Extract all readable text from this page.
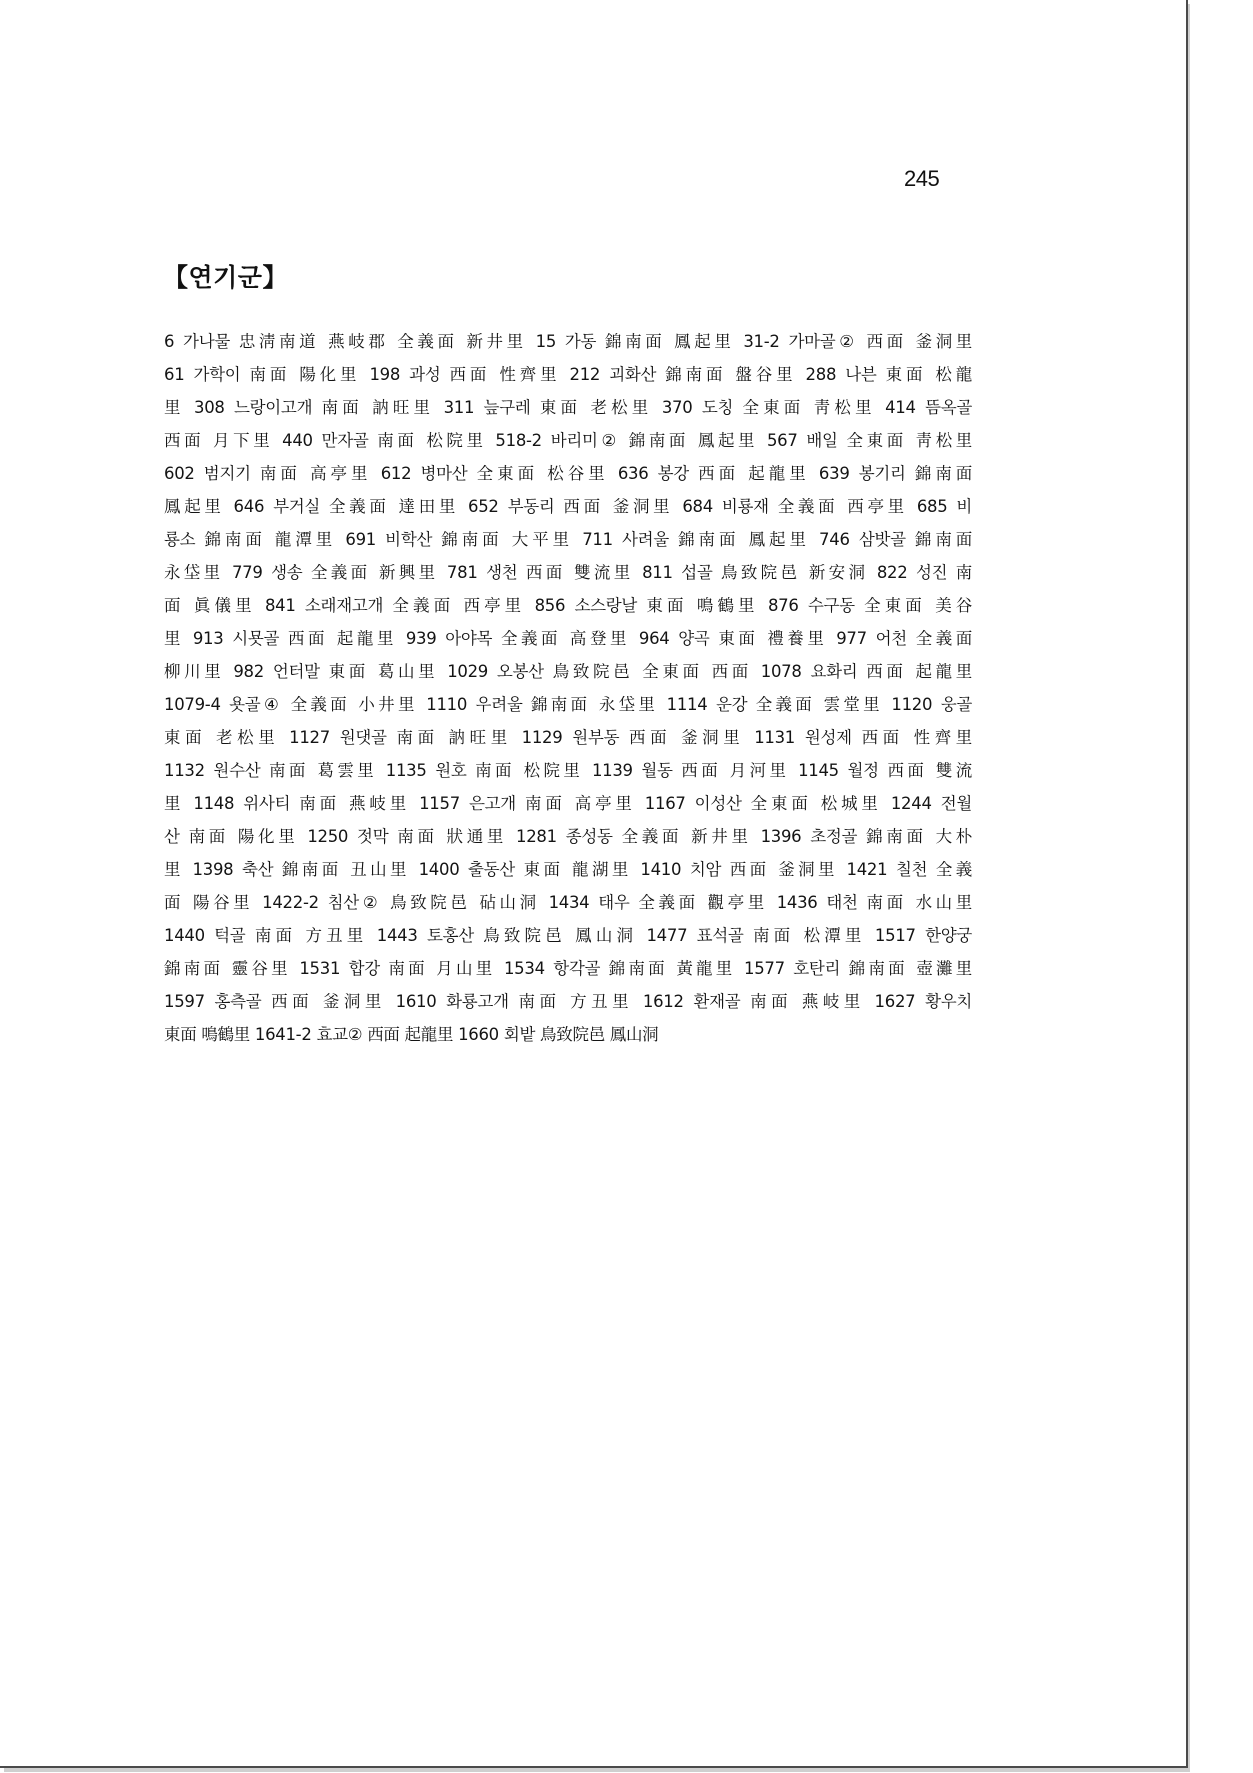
245
【연기군】
6 가나물 忠淸南道 燕岐郡 全義面 新井里 15 가동 錦南面 鳳起里 31-2 가마골② 西面 釜洞里
61 가학이 南面 陽化里 198 과성 西面 性齊里 212 괴화산 錦南面 盤谷里 288 나븐 東面 松龍
里 308 느랑이고개 南面 訥旺里 311 늪구레 東面 老松里 370 도칭 全東面 靑松里 414 뜸옥골
西面 月下里 440 만자골 南面 松院里 518-2 바리미② 錦南面 鳳起里 567 배일 全東面 靑松里
602 범지기 南面 高亭里 612 병마산 全東面 松谷里 636 봉강 西面 起龍里 639 봉기리 錦南面
鳳起里 646 부거실 全義面 達田里 652 부동리 西面 釜洞里 684 비룡재 全義面 西亭里 685 비
룡소 錦南面 龍潭里 691 비학산 錦南面 大平里 711 사려울 錦南面 鳳起里 746 삼밧골 錦南面
永垈里 779 생송 全義面 新興里 781 생천 西面 雙流里 811 섭골 鳥致院邑 新安洞 822 성진 南
面 眞儀里 841 소래재고개 全義面 西亭里 856 소스랑날 東面 鳴鶴里 876 수구동 全東面 美谷
里 913 시묫골 西面 起龍里 939 아야목 全義面 高登里 964 양곡 東面 禮養里 977 어천 全義面
柳川里 982 언터말 東面 葛山里 1029 오봉산 鳥致院邑 全東面 西面 1078 요화리 西面 起龍里
1079-4 욧골④ 全義面 小井里 1110 우려울 錦南面 永垈里 1114 운강 全義面 雲堂里 1120 웅골
東面 老松里 1127 원댓골 南面 訥旺里 1129 원부동 西面 釜洞里 1131 원성제 西面 性齊里
1132 원수산 南面 葛雲里 1135 원호 南面 松院里 1139 월동 西面 月河里 1145 월정 西面 雙流
里 1148 위사티 南面 燕岐里 1157 은고개 南面 高亭里 1167 이성산 全東面 松城里 1244 전월
산 南面 陽化里 1250 젓막 南面 狀通里 1281 종성동 全義面 新井里 1396 초정골 錦南面 大朴
里 1398 축산 錦南面 丑山里 1400 출동산 東面 龍湖里 1410 치암 西面 釜洞里 1421 칠천 全義
面 陽谷里 1422-2 침산② 鳥致院邑 砧山洞 1434 태우 全義面 觀亭里 1436 태천 南面 水山里
1440 턱골 南面 方丑里 1443 토홍산 鳥致院邑 鳳山洞 1477 표석골 南面 松潭里 1517 한양궁
錦南面 靈谷里 1531 합강 南面 月山里 1534 항각골 錦南面 黃龍里 1577 호탄리 錦南面 壺灘里
1597 홍측골 西面 釜洞里 1610 화룡고개 南面 方丑里 1612 환재골 南面 燕岐里 1627 황우치
東面 鳴鶴里 1641-2 효교② 西面 起龍里 1660 회밭 鳥致院邑 鳳山洞
